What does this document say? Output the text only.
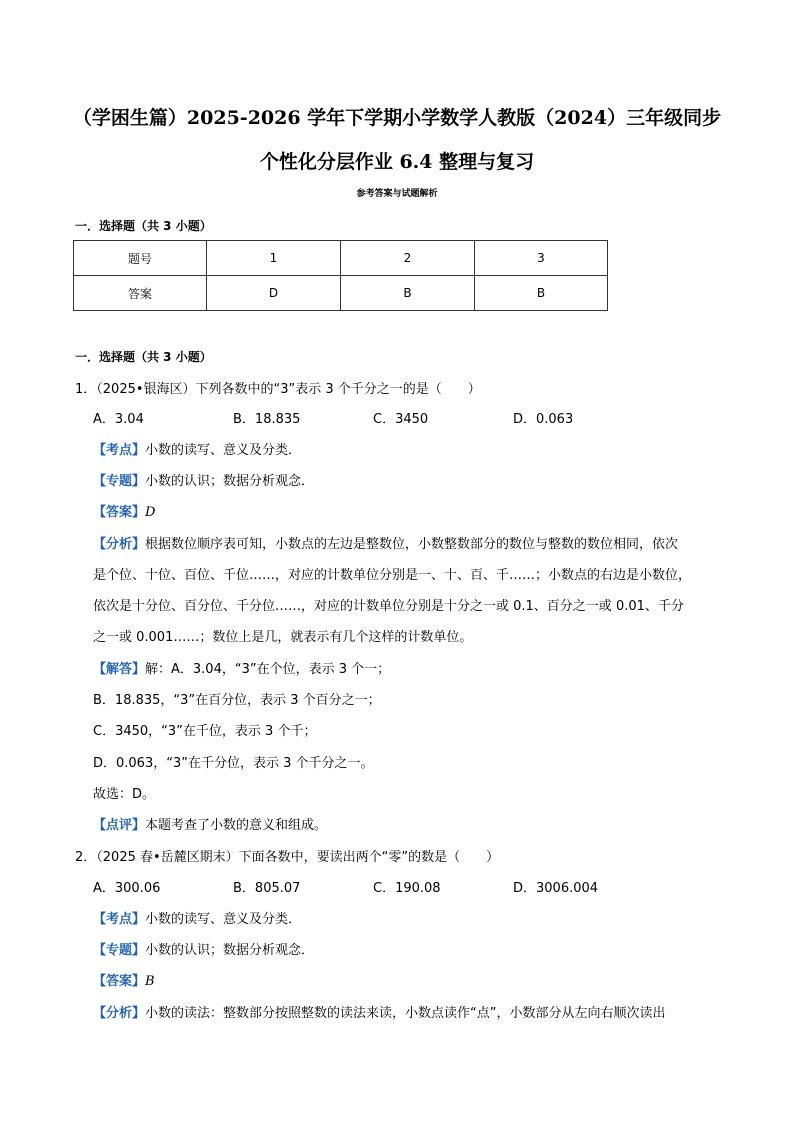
（学困生篇）2025-2026 学年下学期小学数学人教版（2024）三年级同步
个性化分层作业 6.4 整理与复习
参考答案与试题解析
一．选择题（共 3 小题）
题号	1	2	3
答案	D	B	B
一．选择题（共 3 小题）
1．（2025•银海区）下列各数中的“3”表示 3 个千分之一的是（　　）
A．3.04	B．18.835	C．3450	D．0.063
【考点】小数的读写、意义及分类．
【专题】小数的认识；数据分析观念．
【答案】D
【分析】根据数位顺序表可知，小数点的左边是整数位，小数整数部分的数位与整数的数位相同，依次
是个位、十位、百位、千位……，对应的计数单位分别是一、十、百、千……；小数点的右边是小数位，
依次是十分位、百分位、千分位……，对应的计数单位分别是十分之一或 0.1、百分之一或 0.01、千分
之一或 0.001……；数位上是几，就表示有几个这样的计数单位。
【解答】解：A．3.04，“3”在个位，表示 3 个一；
B．18.835，“3”在百分位，表示 3 个百分之一；
C．3450，“3”在千位，表示 3 个千；
D．0.063，“3”在千分位，表示 3 个千分之一。
故选：D。
【点评】本题考查了小数的意义和组成。
2．（2025 春•岳麓区期末）下面各数中，要读出两个“零”的数是（　　）
A．300.06	B．805.07	C．190.08	D．3006.004
【考点】小数的读写、意义及分类．
【专题】小数的认识；数据分析观念．
【答案】B
【分析】小数的读法：整数部分按照整数的读法来读，小数点读作“点”，小数部分从左向右顺次读出
